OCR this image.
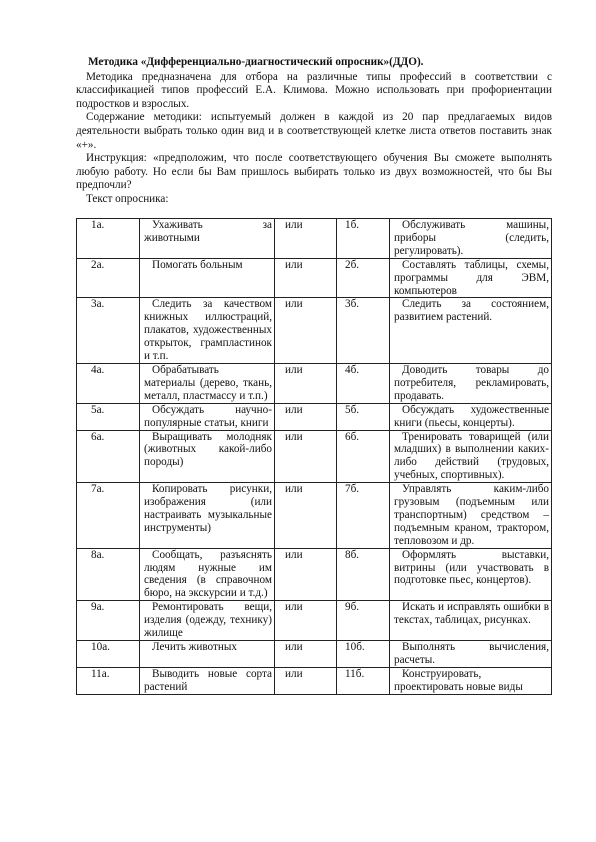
Методика «Дифференциально-диагностический опросник»(ДДО).

Методика предназначена для отбора на различные типы профессий в соответствии с классификацией типов профессий Е.А. Климова. Можно использовать при профориентации подростков и взрослых.

Содержание методики: испытуемый должен в каждой из 20 пар предлагаемых видов деятельности выбрать только один вид и в соответствующей клетке листа ответов поставить знак «+».

Инструкция: «предположим, что после соответствующего обучения Вы сможете выполнять любую работу. Но если бы Вам пришлось выбирать только из двух возможностей, что бы Вы предпочли?

Текст опросника:

1а.	Ухаживать за животными	или	1б.	Обслуживать машины, приборы (следить, регулировать).
2а.	Помогать больным	или	2б.	Составлять таблицы, схемы, программы для ЭВМ, компьютеров
3а.	Следить за качеством книжных иллюстраций, плакатов, художественных открыток, грампластинок и т.п.	или	3б.	Следить за состоянием, развитием растений.
4а.	Обрабатывать материалы (дерево, ткань, металл, пластмассу и т.п.)	или	4б.	Доводить товары до потребителя, рекламировать, продавать.
5а.	Обсуждать научно-популярные статьи, книги	или	5б.	Обсуждать художественные книги (пьесы, концерты).
6а.	Выращивать молодняк (животных какой-либо породы)	или	6б.	Тренировать товарищей (или младших) в выполнении каких-либо действий (трудовых, учебных, спортивных).
7а.	Копировать рисунки, изображения (или настраивать музыкальные инструменты)	или	7б.	Управлять каким-либо грузовым (подъемным или транспортным) средством – подъемным краном, трактором, тепловозом и др.
8а.	Сообщать, разъяснять людям нужные им сведения (в справочном бюро, на экскурсии и т.д.)	или	8б.	Оформлять выставки, витрины (или участвовать в подготовке пьес, концертов).
9а.	Ремонтировать вещи, изделия (одежду, технику) жилище	или	9б.	Искать и исправлять ошибки в текстах, таблицах, рисунках.
10а.	Лечить животных	или	10б.	Выполнять вычисления, расчеты.
11а.	Выводить новые сорта растений	или	11б.	Конструировать, проектировать новые виды
